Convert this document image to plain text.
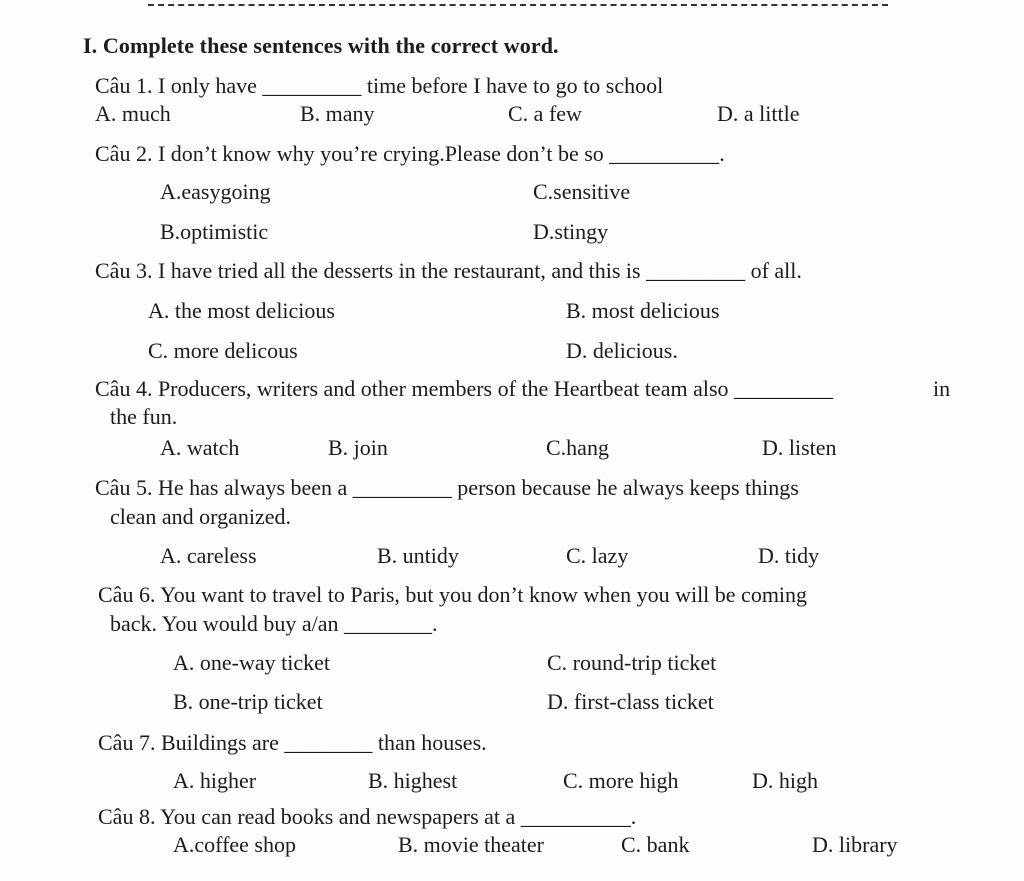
I. Complete these sentences with the correct word.
Câu 1. I only have _________ time before I have to go to school
A. much	B. many	C. a few	D. a little
Câu 2. I don’t know why you’re crying.Please don’t be so __________.
A.easygoing	C.sensitive
B.optimistic	D.stingy
Câu 3. I have tried all the desserts in the restaurant, and this is _________ of all.
A. the most delicious	B. most delicious
C. more delicous	D. delicious.
Câu 4. Producers, writers and other members of the Heartbeat team also _________	in
the fun.
A. watch	B. join	C.hang	D. listen
Câu 5. He has always been a _________ person because he always keeps things
clean and organized.
A. careless	B. untidy	C. lazy	D. tidy
Câu 6. You want to travel to Paris, but you don’t know when you will be coming
back. You would buy a/an ________.
A. one-way ticket	C. round-trip ticket
B. one-trip ticket	D. first-class ticket
Câu 7. Buildings are ________ than houses.
A. higher	B. highest	C. more high	D. high
Câu 8. You can read books and newspapers at a __________.
A.coffee shop	B. movie theater	C. bank	D. library
